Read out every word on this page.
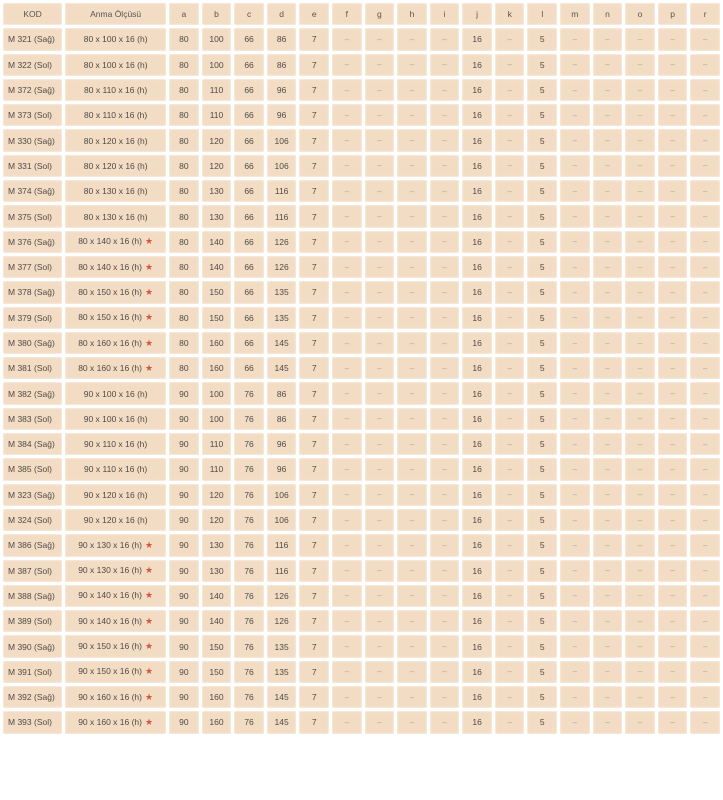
KOD	Anma Ölçüsü	a	b	c	d	e	f	g	h	i	j	k	l	m	n	o	p	r
M 321 (Sağ)	80 x 100 x 16 (h)	80	100	66	86	7	–	–	–	–	16	–	5	–	–	–	–	–
M 322 (Sol)	80 x 100 x 16 (h)	80	100	66	86	7	–	–	–	–	16	–	5	–	–	–	–	–
M 372 (Sağ)	80 x 110 x 16 (h)	80	110	66	96	7	–	–	–	–	16	–	5	–	–	–	–	–
M 373 (Sol)	80 x 110 x 16 (h)	80	110	66	96	7	–	–	–	–	16	–	5	–	–	–	–	–
M 330 (Sağ)	80 x 120 x 16 (h)	80	120	66	106	7	–	–	–	–	16	–	5	–	–	–	–	–
M 331 (Sol)	80 x 120 x 16 (h)	80	120	66	106	7	–	–	–	–	16	–	5	–	–	–	–	–
M 374 (Sağ)	80 x 130 x 16 (h)	80	130	66	116	7	–	–	–	–	16	–	5	–	–	–	–	–
M 375 (Sol)	80 x 130 x 16 (h)	80	130	66	116	7	–	–	–	–	16	–	5	–	–	–	–	–
M 376 (Sağ)	80 x 140 x 16 (h) ★	80	140	66	126	7	–	–	–	–	16	–	5	–	–	–	–	–
M 377 (Sol)	80 x 140 x 16 (h) ★	80	140	66	126	7	–	–	–	–	16	–	5	–	–	–	–	–
M 378 (Sağ)	80 x 150 x 16 (h) ★	80	150	66	135	7	–	–	–	–	16	–	5	–	–	–	–	–
M 379 (Sol)	80 x 150 x 16 (h) ★	80	150	66	135	7	–	–	–	–	16	–	5	–	–	–	–	–
M 380 (Sağ)	80 x 160 x 16 (h) ★	80	160	66	145	7	–	–	–	–	16	–	5	–	–	–	–	–
M 381 (Sol)	80 x 160 x 16 (h) ★	80	160	66	145	7	–	–	–	–	16	–	5	–	–	–	–	–
M 382 (Sağ)	90 x 100 x 16 (h)	90	100	76	86	7	–	–	–	–	16	–	5	–	–	–	–	–
M 383 (Sol)	90 x 100 x 16 (h)	90	100	76	86	7	–	–	–	–	16	–	5	–	–	–	–	–
M 384 (Sağ)	90 x 110 x 16 (h)	90	110	76	96	7	–	–	–	–	16	–	5	–	–	–	–	–
M 385 (Sol)	90 x 110 x 16 (h)	90	110	76	96	7	–	–	–	–	16	–	5	–	–	–	–	–
M 323 (Sağ)	90 x 120 x 16 (h)	90	120	76	106	7	–	–	–	–	16	–	5	–	–	–	–	–
M 324 (Sol)	90 x 120 x 16 (h)	90	120	76	106	7	–	–	–	–	16	–	5	–	–	–	–	–
M 386 (Sağ)	90 x 130 x 16 (h) ★	90	130	76	116	7	–	–	–	–	16	–	5	–	–	–	–	–
M 387 (Sol)	90 x 130 x 16 (h) ★	90	130	76	116	7	–	–	–	–	16	–	5	–	–	–	–	–
M 388 (Sağ)	90 x 140 x 16 (h) ★	90	140	76	126	7	–	–	–	–	16	–	5	–	–	–	–	–
M 389 (Sol)	90 x 140 x 16 (h) ★	90	140	76	126	7	–	–	–	–	16	–	5	–	–	–	–	–
M 390 (Sağ)	90 x 150 x 16 (h) ★	90	150	76	135	7	–	–	–	–	16	–	5	–	–	–	–	–
M 391 (Sol)	90 x 150 x 16 (h) ★	90	150	76	135	7	–	–	–	–	16	–	5	–	–	–	–	–
M 392 (Sağ)	90 x 160 x 16 (h) ★	90	160	76	145	7	–	–	–	–	16	–	5	–	–	–	–	–
M 393 (Sol)	90 x 160 x 16 (h) ★	90	160	76	145	7	–	–	–	–	16	–	5	–	–	–	–	–
